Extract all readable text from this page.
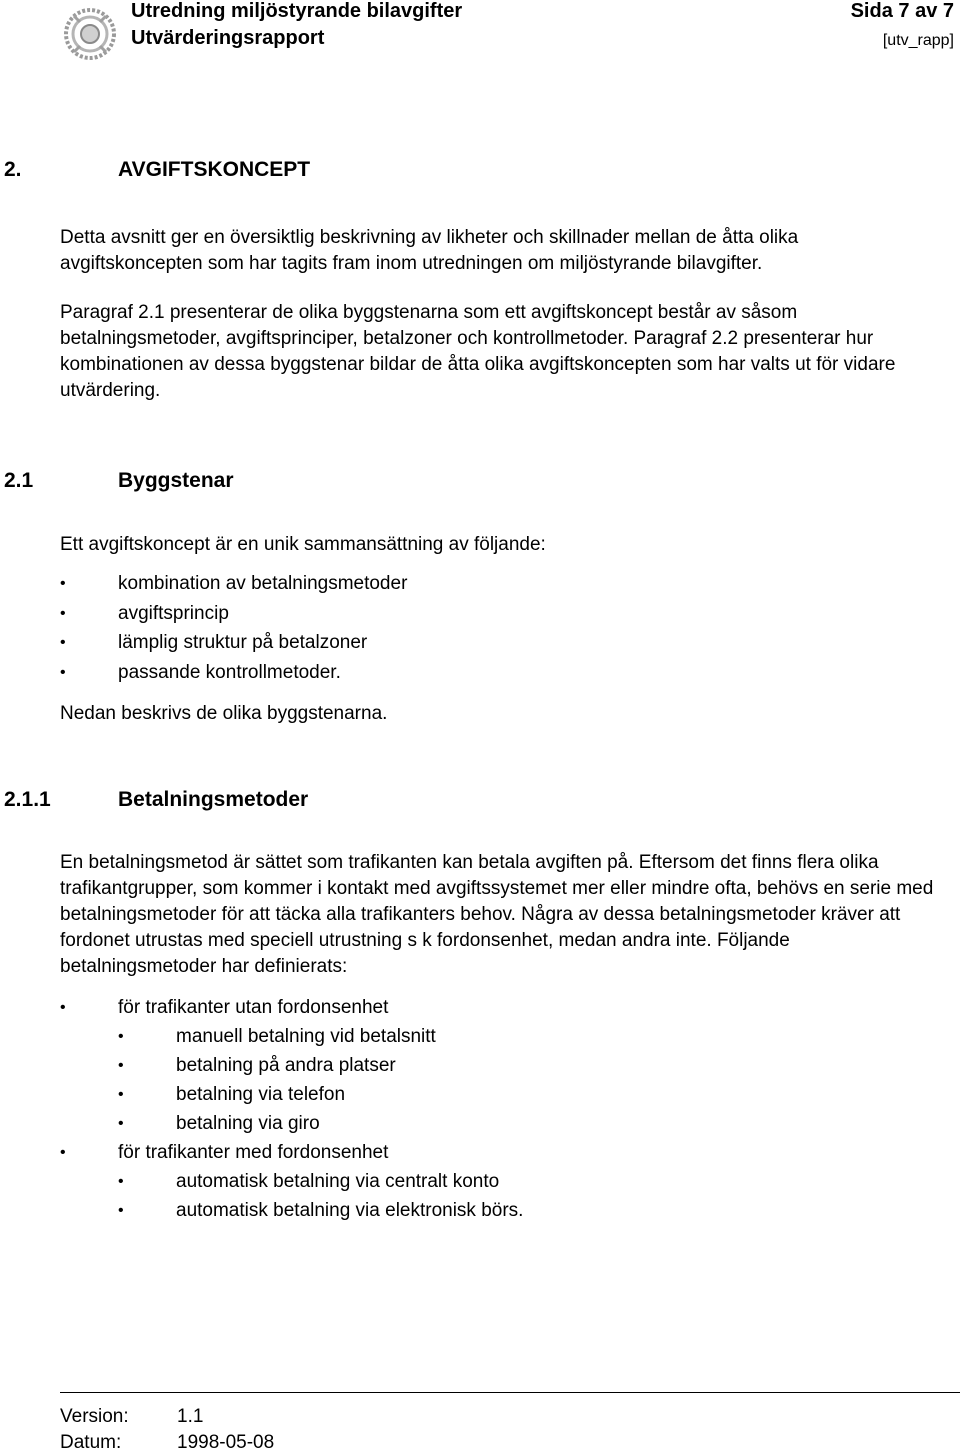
Utredning miljöstyrande bilavgifter
Utvärderingsrapport
Sida 7 av 7
[utv_rapp]
2.	AVGIFTSKONCEPT
Detta avsnitt ger en översiktlig beskrivning av likheter och skillnader mellan de åtta olika avgiftskoncepten som har tagits fram inom utredningen om miljöstyrande bilavgifter.
Paragraf 2.1 presenterar de olika byggstenarna som ett avgiftskoncept består av såsom betalningsmetoder, avgiftsprinciper, betalzoner och kontrollmetoder. Paragraf 2.2 presenterar hur kombinationen av dessa byggstenar bildar de åtta olika avgiftskoncepten som har valts ut för vidare utvärdering.
2.1	Byggstenar
Ett avgiftskoncept är en unik sammansättning av följande:
•	kombination av betalningsmetoder
•	avgiftsprincip
•	lämplig struktur på betalzoner
•	passande kontrollmetoder.
Nedan beskrivs de olika byggstenarna.
2.1.1	Betalningsmetoder
En betalningsmetod är sättet som trafikanten kan betala avgiften på. Eftersom det finns flera olika trafikantgrupper, som kommer i kontakt med avgiftssystemet mer eller mindre ofta, behövs en serie med betalningsmetoder för att täcka alla trafikanters behov. Några av dessa betalningsmetoder kräver att fordonet utrustas med speciell utrustning s k fordonsenhet, medan andra inte. Följande betalningsmetoder har definierats:
•	för trafikanter utan fordonsenhet
•	manuell betalning vid betalsnitt
•	betalning på andra platser
•	betalning via telefon
•	betalning via giro
•	för trafikanter med fordonsenhet
•	automatisk betalning via centralt konto
•	automatisk betalning via elektronisk börs.
Version:	1.1
Datum:	1998-05-08
